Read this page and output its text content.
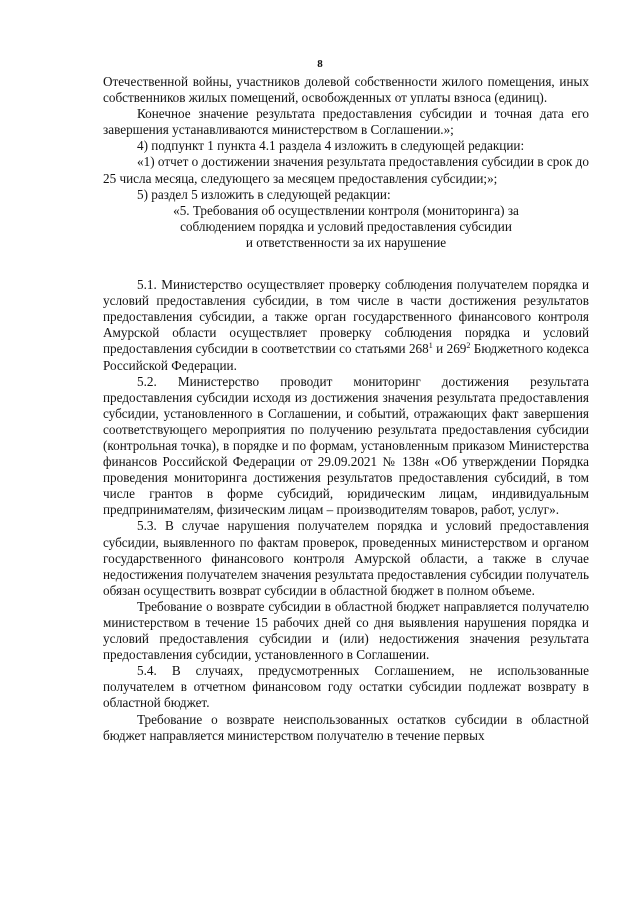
8

Отечественной войны, участников долевой собственности жилого помещения, иных собственников жилых помещений, освобожденных от уплаты взноса (единиц).

Конечное значение результата предоставления субсидии и точная дата его завершения устанавливаются министерством в Соглашении.»;

4) подпункт 1 пункта 4.1 раздела 4 изложить в следующей редакции:

«1) отчет о достижении значения результата предоставления субсидии в срок до 25 числа месяца, следующего за месяцем предоставления субсидии;»;

5) раздел 5 изложить в следующей редакции:

«5. Требования об осуществлении контроля (мониторинга) за

соблюдением порядка и условий предоставления субсидии

и ответственности за их нарушение

5.1. Министерство осуществляет проверку соблюдения получателем порядка и условий предоставления субсидии, в том числе в части достижения результатов предоставления субсидии, а также орган государственного финансового контроля Амурской области осуществляет проверку соблюдения порядка и условий предоставления субсидии в соответствии со статьями $268^1$ и $269^2$ Бюджетного кодекса Российской Федерации.

5.2. Министерство проводит мониторинг достижения результата предоставления субсидии исходя из достижения значения результата предоставления субсидии, установленного в Соглашении, и событий, отражающих факт завершения соответствующего мероприятия по получению результата предоставления субсидии (контрольная точка), в порядке и по формам, установленным приказом Министерства финансов Российской Федерации от 29.09.2021 № 138н «Об утверждении Порядка проведения мониторинга достижения результатов предоставления субсидий, в том числе грантов в форме субсидий, юридическим лицам, индивидуальным предпринимателям, физическим лицам – производителям товаров, работ, услуг».

5.3. В случае нарушения получателем порядка и условий предоставления субсидии, выявленного по фактам проверок, проведенных министерством и органом государственного финансового контроля Амурской области, а также в случае недостижения получателем значения результата предоставления субсидии получатель обязан осуществить возврат субсидии в областной бюджет в полном объеме.

Требование о возврате субсидии в областной бюджет направляется получателю министерством в течение 15 рабочих дней со дня выявления нарушения порядка и условий предоставления субсидии и (или) недостижения значения результата предоставления субсидии, установленного в Соглашении.

5.4. В случаях, предусмотренных Соглашением, не использованные получателем в отчетном финансовом году остатки субсидии подлежат возврату в областной бюджет.

Требование о возврате неиспользованных остатков субсидии в областной бюджет направляется министерством получателю в течение первых
